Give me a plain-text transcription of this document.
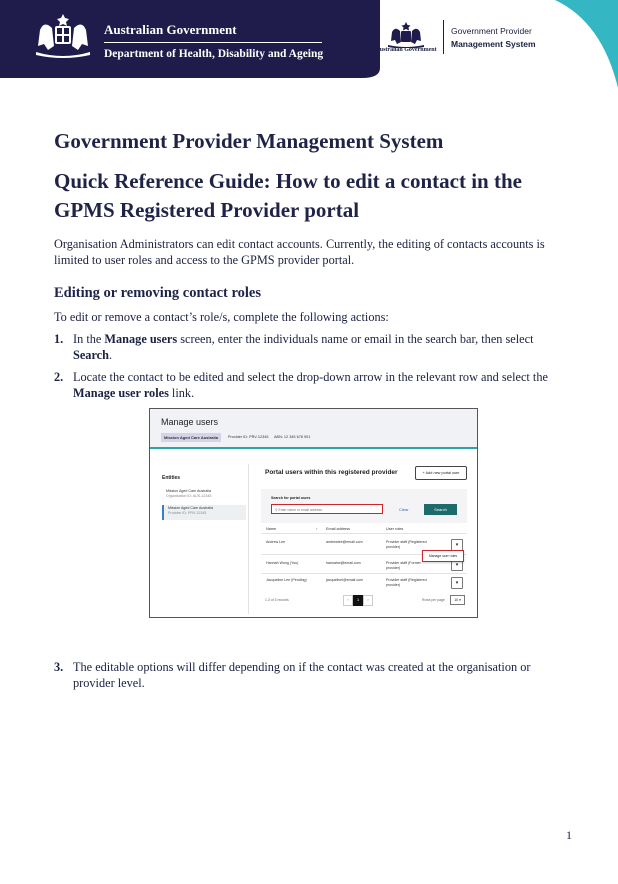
Australian Government
Department of Health, Disability and Ageing	Australian Government
Government Provider
Management System
Government Provider Management System
Quick Reference Guide: How to edit a contact in the GPMS Registered Provider portal

Organisation Administrators can edit contact accounts. Currently, the editing of contacts accounts is limited to user roles and access to the GPMS provider portal.

Editing or removing contact roles

To edit or remove a contact’s role/s, complete the following actions:

1. In the Manage users screen, enter the individuals name or email in the search bar, then select Search.
2. Locate the contact to be edited and select the drop-down arrow in the relevant row and select the Manage user roles link.
Manage users
Mission Aged Care Australia	Provider ID: PRV-12345 ABN: 12 345 678 901
Entities
Mission Aged Care Australia
Organisation ID: AUS-12345
Mission Aged Care Australia
Provider ID: PRV-12345
Portal users within this registered provider	+ Add new portal user
Search for portal users
⚲ Enter name or email address	Clear	Search
Name	↑ Email address	User roles
Andrew Lee	andrewlee@email.com	Provider staff (Registered provider)	▾
Hannah Wong (You)	hannahw@email.com	Provider staff (Former provider)	▾
Jacqueline Lee (Pending)	jacquelinel@email.com	Provider staff (Registered provider)	▾
Manage user roles
1-3 of 3 records	‹	1	›	Rows per page	10 ▾
3. The editable options will differ depending on if the contact was created at the organisation or provider level.
1
